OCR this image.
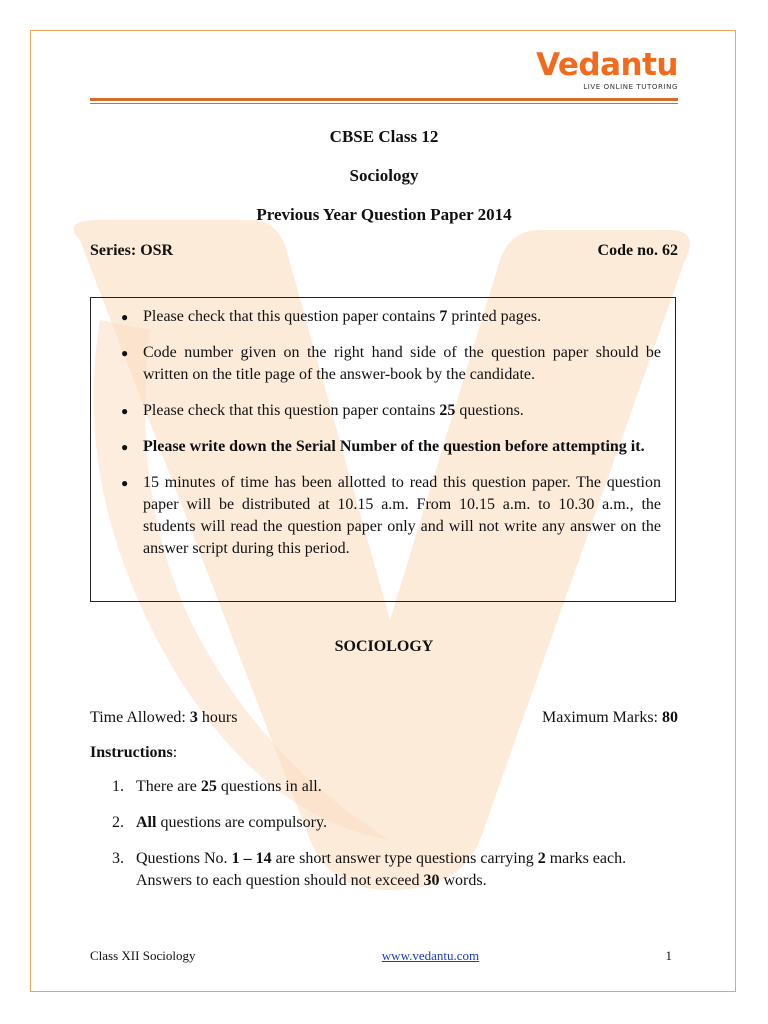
Vedantu
LIVE ONLINE TUTORING
CBSE Class 12
Sociology
Previous Year Question Paper 2014
Series: OSR	Code no. 62
● Please check that this question paper contains 7 printed pages.
● Code number given on the right hand side of the question paper should be written on the title page of the answer-book by the candidate.
● Please check that this question paper contains 25 questions.
● Please write down the Serial Number of the question before attempting it.
● 15 minutes of time has been allotted to read this question paper. The question paper will be distributed at 10.15 a.m. From 10.15 a.m. to 10.30 a.m., the students will read the question paper only and will not write any answer on the answer script during this period.
SOCIOLOGY
Time Allowed: 3 hours	Maximum Marks: 80
Instructions:
1. There are 25 questions in all.
2. All questions are compulsory.
3. Questions No. 1 – 14 are short answer type questions carrying 2 marks each. Answers to each question should not exceed 30 words.
Class XII Sociology	www.vedantu.com	1
